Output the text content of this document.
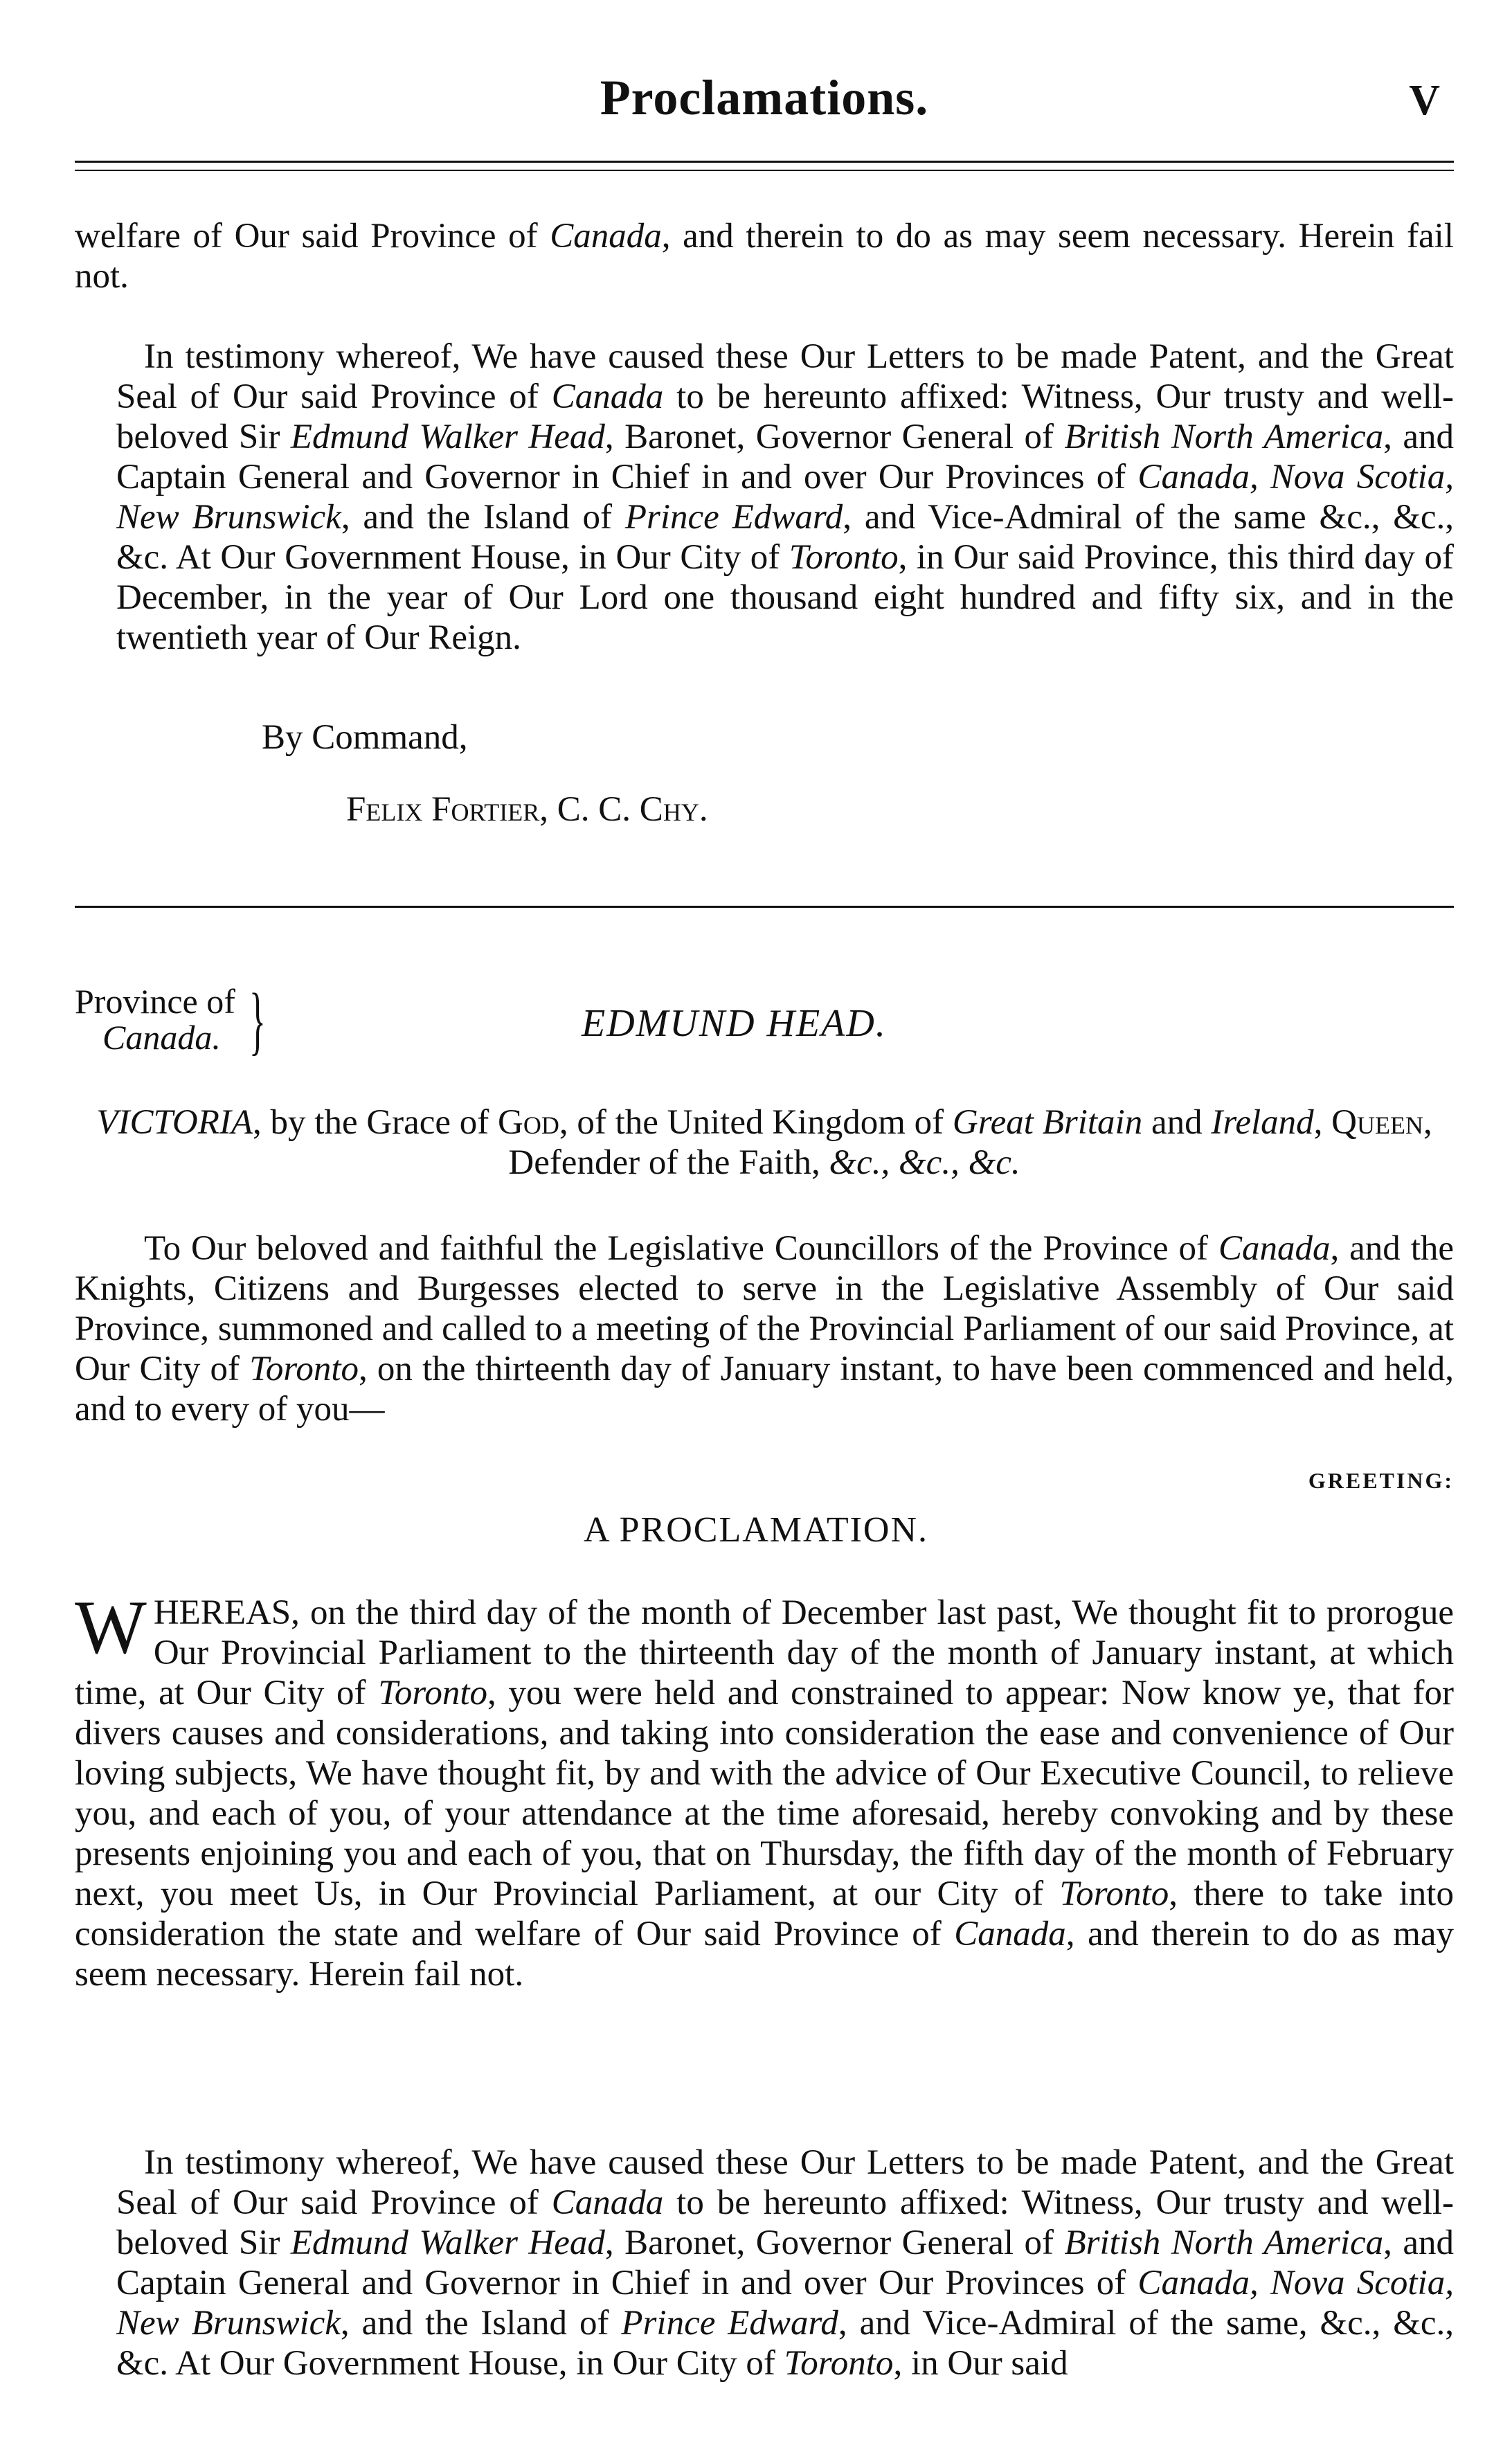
Proclamations.	V

welfare of Our said Province of Canada, and therein to do as may seem necessary. Herein fail not.

In testimony whereof, We have caused these Our Letters to be made Patent, and the Great Seal of Our said Province of Canada to be hereunto affixed: Witness, Our trusty and well-beloved Sir Edmund Walker Head, Baronet, Governor General of British North America, and Captain General and Governor in Chief in and over Our Provinces of Canada, Nova Scotia, New Brunswick, and the Island of Prince Edward, and Vice-Admiral of the same &c., &c., &c. At Our Government House, in Our City of Toronto, in Our said Province, this third day of December, in the year of Our Lord one thousand eight hundred and fifty six, and in the twentieth year of Our Reign.

By Command,
Felix Fortier, C. C. Chy.
Province of
Canada. }	EDMUND HEAD.

VICTORIA, by the Grace of God, of the United Kingdom of Great Britain and Ireland, Queen, Defender of the Faith, &c., &c., &c.

To Our beloved and faithful the Legislative Councillors of the Province of Canada, and the Knights, Citizens and Burgesses elected to serve in the Legislative Assembly of Our said Province, summoned and called to a meeting of the Provincial Parliament of our said Province, at Our City of Toronto, on the thirteenth day of January instant, to have been commenced and held, and to every of you—

GREETING:
A PROCLAMATION.

WHEREAS, on the third day of the month of December last past, We thought fit to prorogue Our Provincial Parliament to the thirteenth day of the month of January instant, at which time, at Our City of Toronto, you were held and constrained to appear: Now know ye, that for divers causes and considerations, and taking into consideration the ease and convenience of Our loving subjects, We have thought fit, by and with the advice of Our Executive Council, to relieve you, and each of you, of your attendance at the time aforesaid, hereby convoking and by these presents enjoining you and each of you, that on Thursday, the fifth day of the month of February next, you meet Us, in Our Provincial Parliament, at our City of Toronto, there to take into consideration the state and welfare of Our said Province of Canada, and therein to do as may seem necessary. Herein fail not.

In testimony whereof, We have caused these Our Letters to be made Patent, and the Great Seal of Our said Province of Canada to be hereunto affixed: Witness, Our trusty and well-beloved Sir Edmund Walker Head, Baronet, Governor General of British North America, and Captain General and Governor in Chief in and over Our Provinces of Canada, Nova Scotia, New Brunswick, and the Island of Prince Edward, and Vice-Admiral of the same, &c., &c., &c. At Our Government House, in Our City of Toronto, in Our said
